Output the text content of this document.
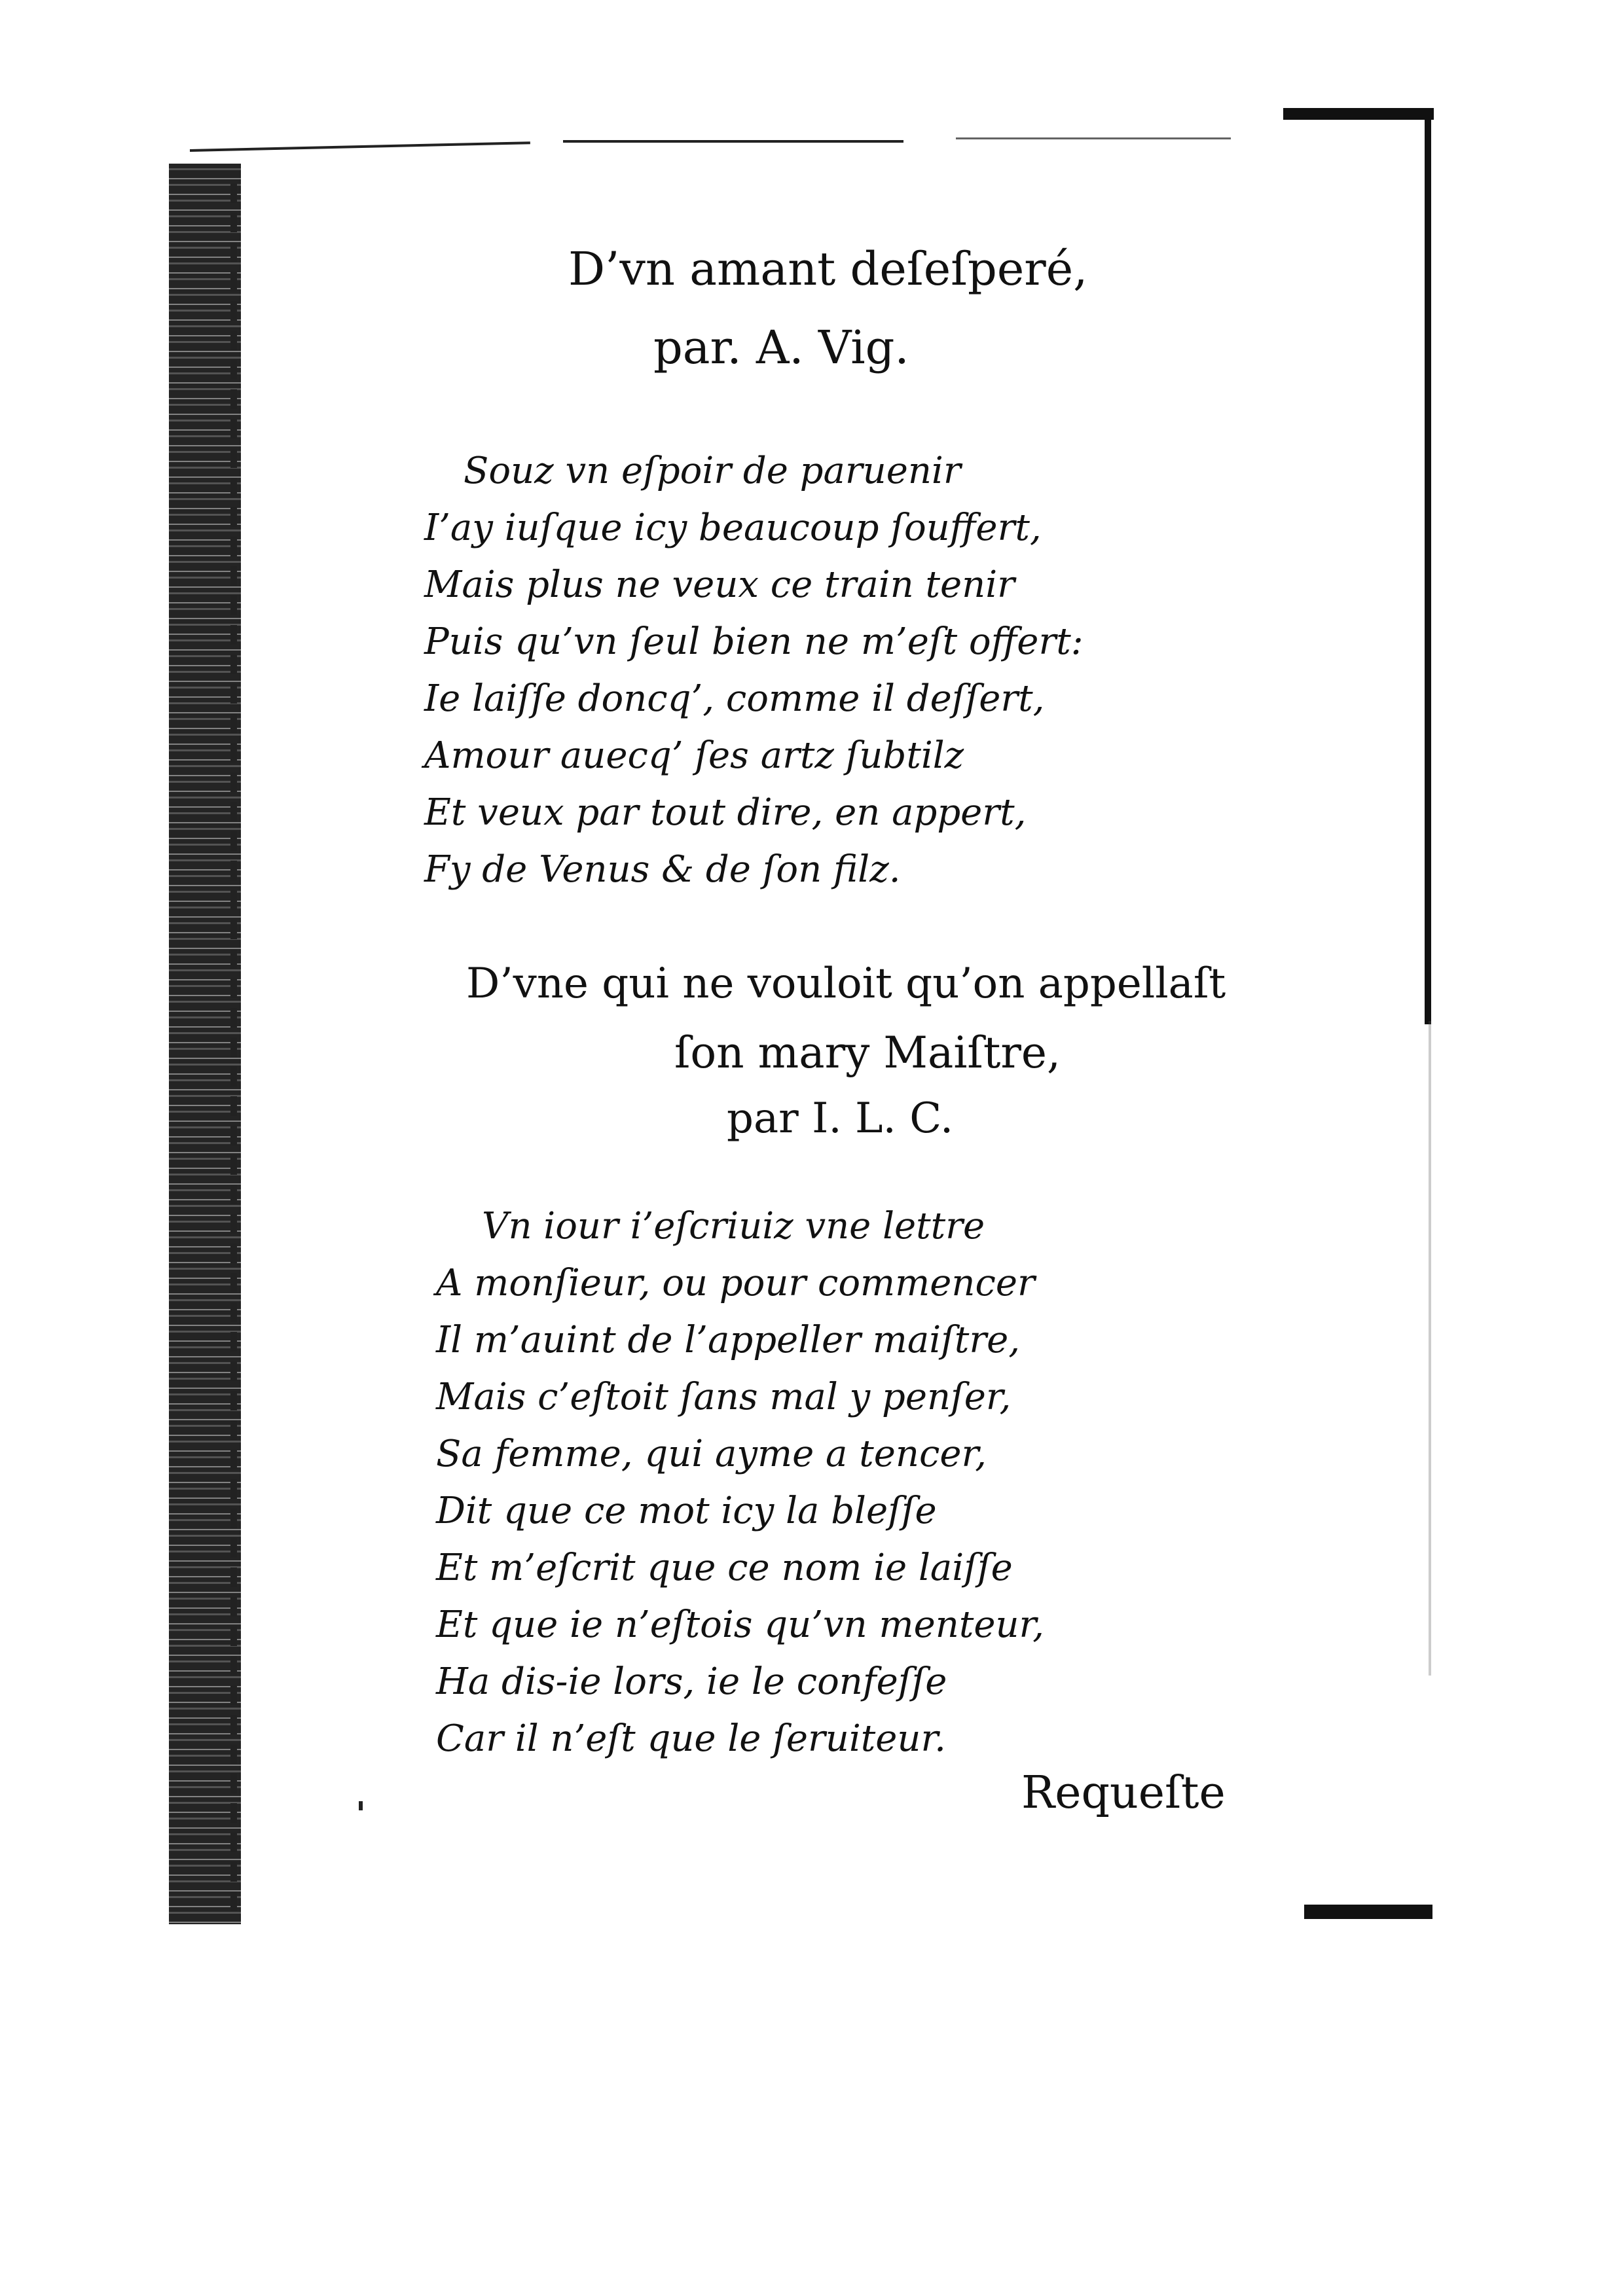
D’vn amant deſeſperé,
par. A. Vig.
Souz vn eſpoir de paruenir
I’ay iuſque icy beaucoup ſouffert,
Mais plus ne veux ce train tenir
Puis qu’vn ſeul bien ne m’eſt offert:
Ie laiſſe doncq’, comme il deſſert,
Amour auecq’ ſes artz ſubtilz
Et veux par tout dire, en appert,
Fy de Venus & de ſon filz.
D’vne qui ne vouloit qu’on appellaſt
ſon mary Maiſtre,
par I. L. C.
Vn iour i’eſcriuiz vne lettre
A monſieur, ou pour commencer
Il m’auint de l’appeller maiſtre,
Mais c’eſtoit ſans mal y penſer,
Sa femme, qui ayme a tencer,
Dit que ce mot icy la bleſſe
Et m’eſcrit que ce nom ie laiſſe
Et que ie n’eſtois qu’vn menteur,
Ha dis-ie lors, ie le confeſſe
Car il n’eſt que le ſeruiteur.
Requeſte
